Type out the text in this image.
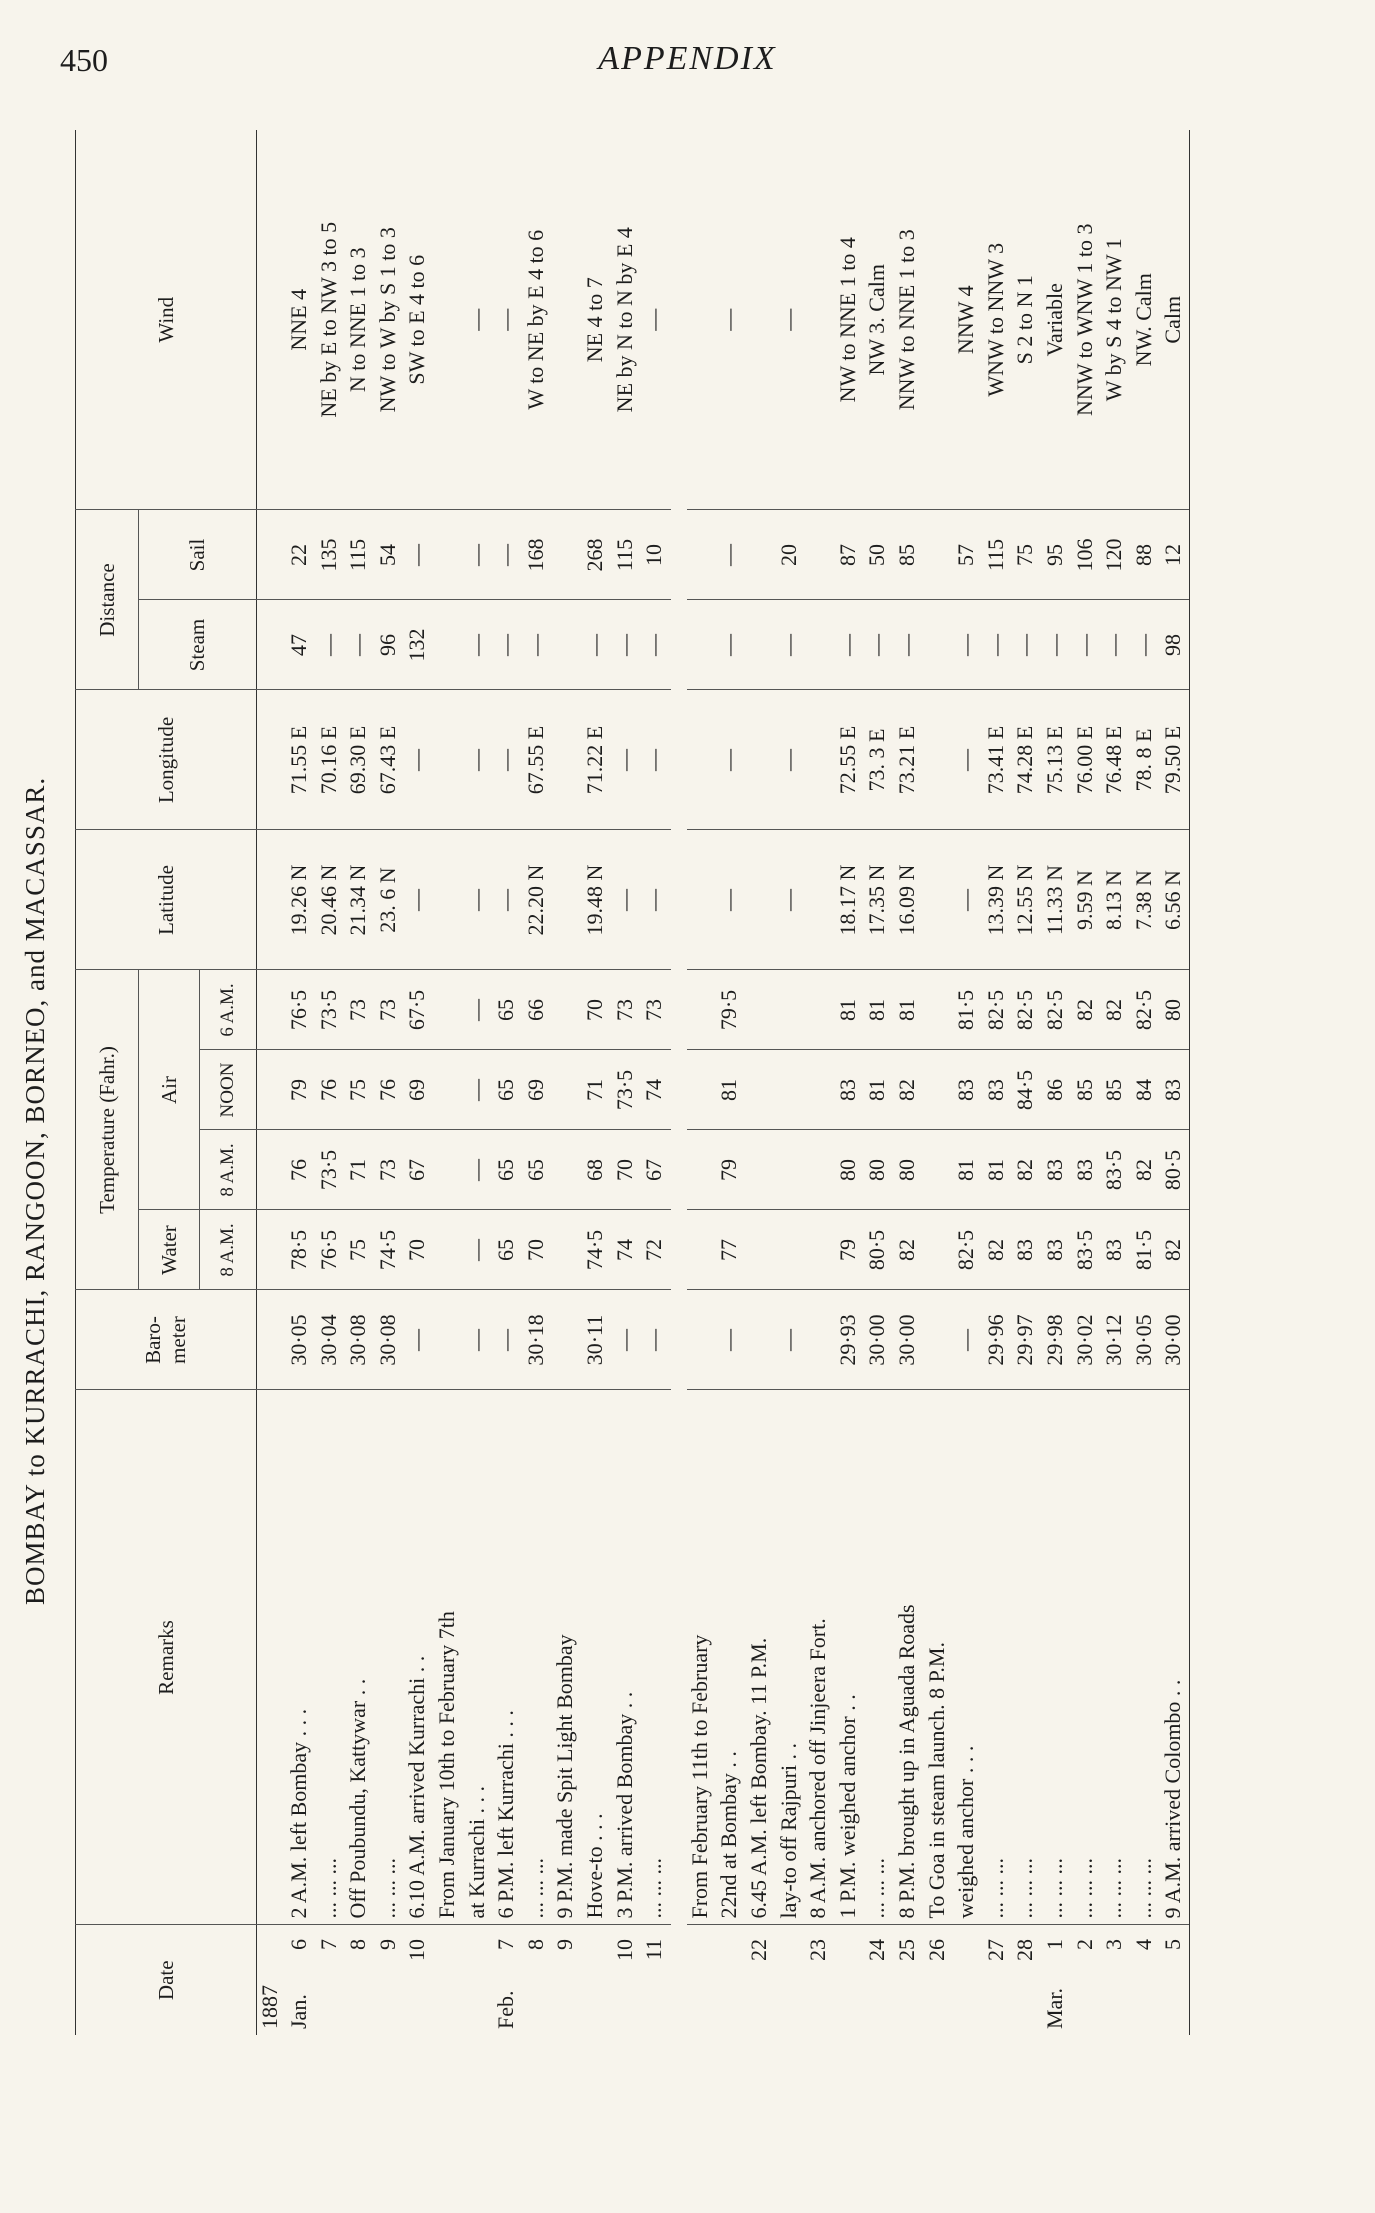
450	APPENDIX
BOMBAY to KURRACHI, RANGOON, BORNEO, and MACASSAR.
Date	Remarks	Baro-
meter	Temperature (Fahr.)				Latitude	Longitude	Distance		Wind
			Water	Air					Steam	Sail	
			8 A.M.	8 A.M.	NOON	6 A.M.					
1887											
Jan.6	2 A.M. left Bombay . . .	30·05	78·5	76	79	76·5	19.26 N	71.55 E	47	22	NNE 4
7	... ... ...	30·04	76·5	73·5	76	73·5	20.46 N	70.16 E	—	135	NE by E to NW 3 to 5
8	Off Poubundu, Kattywar . .	30·08	75	71	75	73	21.34 N	69.30 E	—	115	N to NNE 1 to 3
9	... ... ...	30·08	74·5	73	76	73	23. 6 N	67.43 E	96	54	NW to W by S 1 to 3
10	6.10 A.M. arrived Kurrachi . .	—	70	67	69	67·5	—	—	132	—	SW to E 4 to 6
	From January 10th to February 7th										
	at Kurrachi . . .	—	—	—	—	—	—	—	—	—	—
Feb.7	6 P.M. left Kurrachi . . .	—	65	65	65	65	—	—	—	—	—
8	... ... ...	30·18	70	65	69	66	22.20 N	67.55 E	—	168	W to NE by E 4 to 6
9	9 P.M. made Spit Light Bombay										
	Hove-to . . .	30·11	74·5	68	71	70	19.48 N	71.22 E	—	268	NE 4 to 7
10	3 P.M. arrived Bombay . .	—	74	70	73·5	73	—	—	—	115	NE by N to N by E 4
11	... ... ...	—	72	67	74	73	—	—	—	10	—

	From February 11th to February										
	22nd at Bombay . .	—	77	79	81	79·5	—	—	—	—	—
22	6.45 A.M. left Bombay. 11 P.M.										
	lay-to off Rajpuri . .	—					—	—	—	20	—
23	8 A.M. anchored off Jinjeera Fort.										
	1 P.M. weighed anchor . .	29·93	79	80	83	81	18.17 N	72.55 E	—	87	NW to NNE 1 to 4
24	... ... ...	30·00	80·5	80	81	81	17.35 N	73. 3 E	—	50	NW 3. Calm
25	8 P.M. brought up in Aguada Roads	30·00	82	80	82	81	16.09 N	73.21 E	—	85	NNW to NNE 1 to 3
26	To Goa in steam launch. 8 P.M.										
	weighed anchor . . .	—	82·5	81	83	81·5	—	—	—	57	NNW 4
27	... ... ...	29·96	82	81	83	82·5	13.39 N	73.41 E	—	115	WNW to NNW 3
28	... ... ...	29·97	83	82	84·5	82·5	12.55 N	74.28 E	—	75	S 2 to N 1
Mar.1	... ... ...	29·98	83	83	86	82·5	11.33 N	75.13 E	—	95	Variable
2	... ... ...	30·02	83·5	83	85	82	9.59 N	76.00 E	—	106	NNW to WNW 1 to 3
3	... ... ...	30·12	83	83·5	85	82	8.13 N	76.48 E	—	120	W by S 4 to NW 1
4	... ... ...	30·05	81·5	82	84	82·5	7.38 N	78. 8 E	—	88	NW. Calm
5	9 A.M. arrived Colombo . .	30·00	82	80·5	83	80	6.56 N	79.50 E	98	12	Calm
